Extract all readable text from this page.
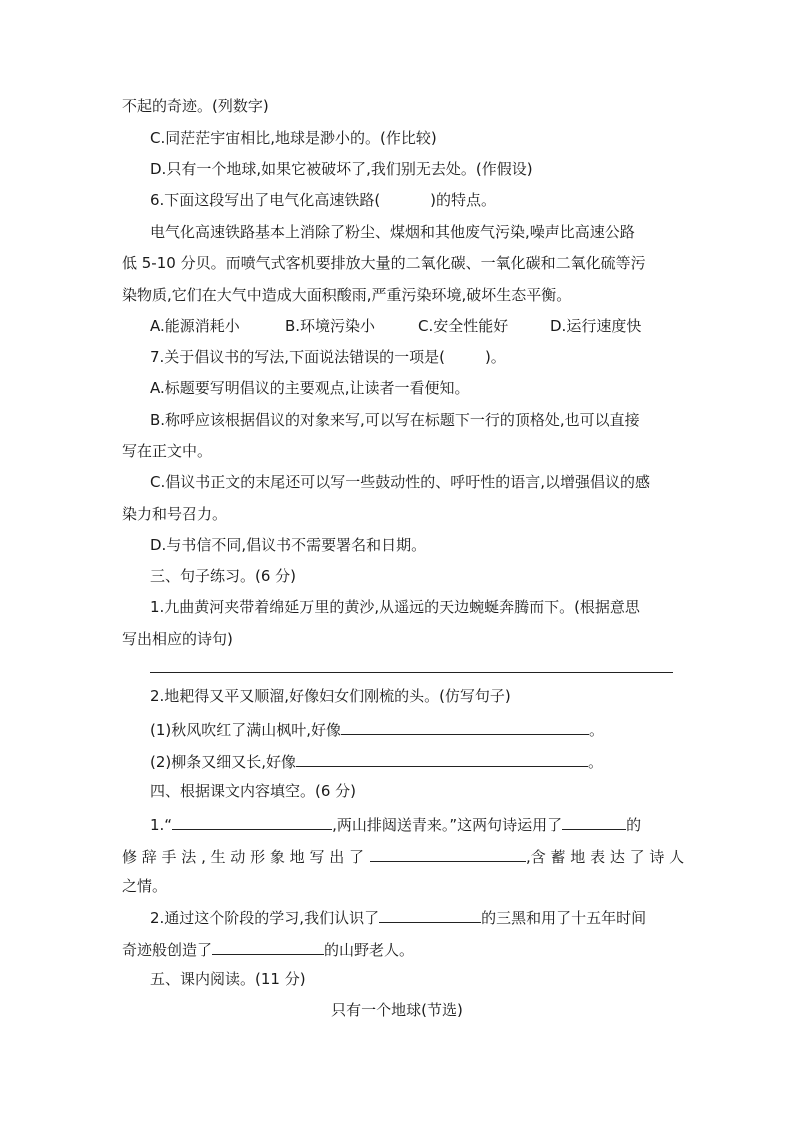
不起的奇迹。(列数字)
C.同茫茫宇宙相比,地球是渺小的。(作比较)
D.只有一个地球,如果它被破坏了,我们别无去处。(作假设)
6.下面这段写出了电气化高速铁路(	)的特点。
电气化高速铁路基本上消除了粉尘、煤烟和其他废气污染,噪声比高速公路
低 5-10 分贝。而喷气式客机要排放大量的二氧化碳、一氧化碳和二氧化硫等污
染物质,它们在大气中造成大面积酸雨,严重污染环境,破坏生态平衡。
A.能源消耗小	B.环境污染小	C.安全性能好	D.运行速度快
7.关于倡议书的写法,下面说法错误的一项是(	)。
A.标题要写明倡议的主要观点,让读者一看便知。
B.称呼应该根据倡议的对象来写,可以写在标题下一行的顶格处,也可以直接
写在正文中。
C.倡议书正文的末尾还可以写一些鼓动性的、呼吁性的语言,以增强倡议的感
染力和号召力。
D.与书信不同,倡议书不需要署名和日期。
三、句子练习。(6 分)
1.九曲黄河夹带着绵延万里的黄沙,从遥远的天边蜿蜒奔腾而下。(根据意思
写出相应的诗句)
2.地耙得又平又顺溜,好像妇女们刚梳的头。(仿写句子)
(1)秋风吹红了满山枫叶,好像	。
(2)柳条又细又长,好像	。
四、根据课文内容填空。(6 分)
1.“	,两山排闼送青来。”这两句诗运用了	的
修 辞 手 法 , 生 动 形 象 地 写 出 了	,含 蓄 地 表 达 了 诗 人
之情。
2.通过这个阶段的学习,我们认识了	的三黑和用了十五年时间
奇迹般创造了	的山野老人。
五、课内阅读。(11 分)
只有一个地球(节选)
